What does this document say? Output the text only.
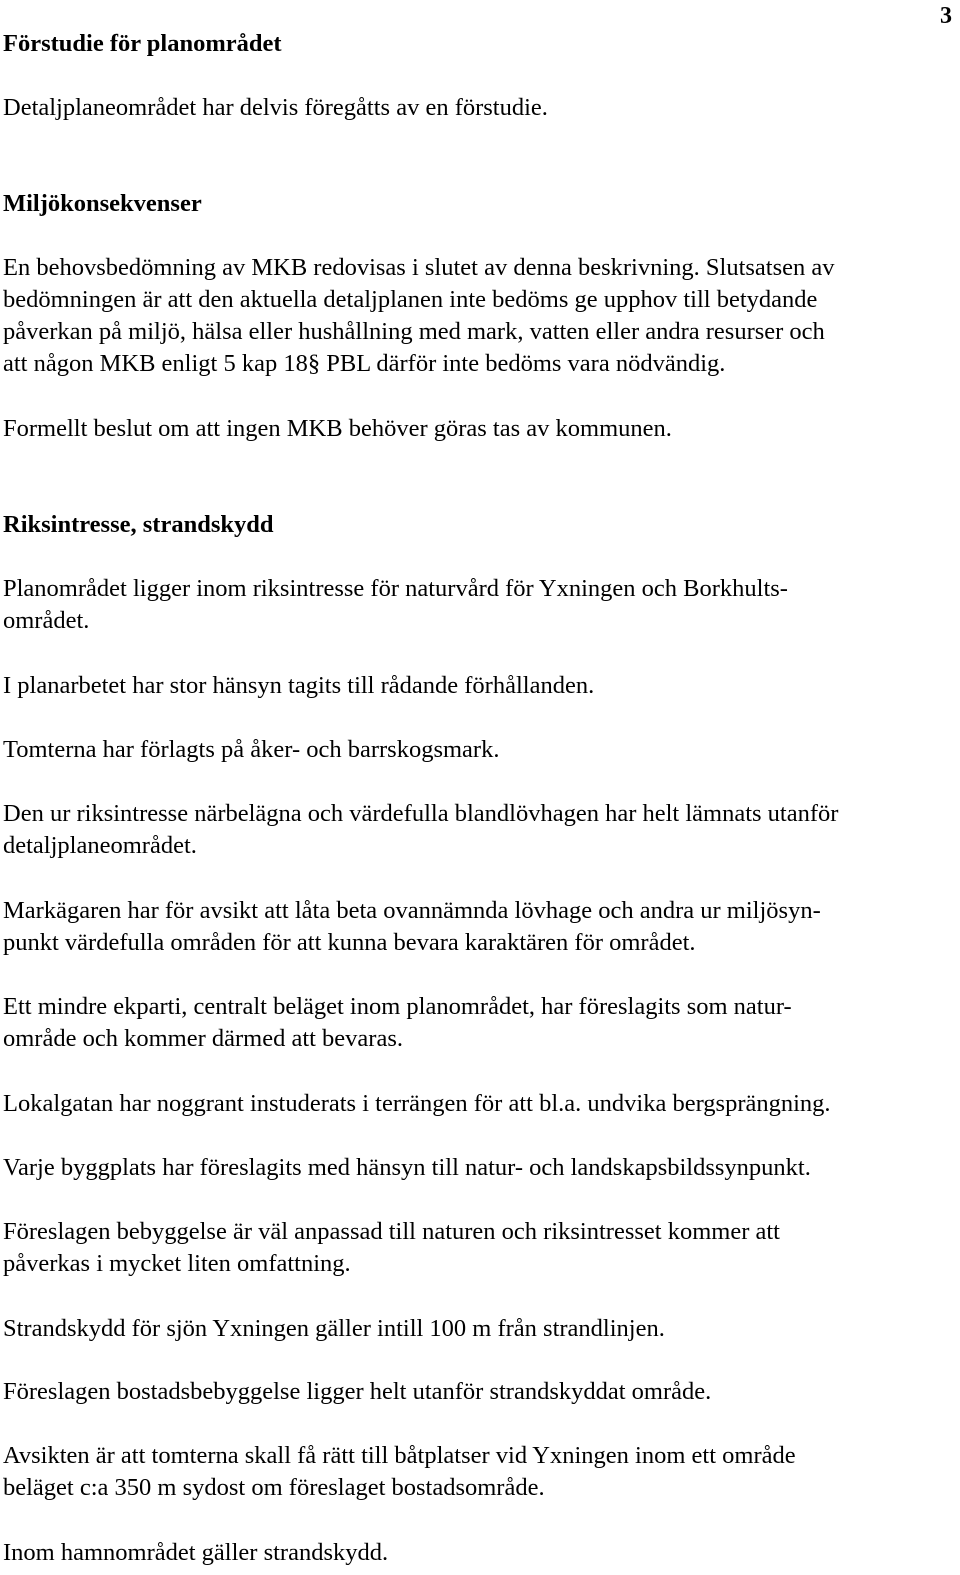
3

Förstudie för planområdet

Detaljplaneområdet har delvis föregåtts av en förstudie.

Miljökonsekvenser

En behovsbedömning av MKB redovisas i slutet av denna beskrivning. Slutsatsen av
bedömningen är att den aktuella detaljplanen inte bedöms ge upphov till betydande
påverkan på miljö, hälsa eller hushållning med mark, vatten eller andra resurser och
att någon MKB enligt 5 kap 18§ PBL därför inte bedöms vara nödvändig.

Formellt beslut om att ingen MKB behöver göras tas av kommunen.

Riksintresse, strandskydd

Planområdet ligger inom riksintresse för naturvård för Yxningen och Borkhults-
området.

I planarbetet har stor hänsyn tagits till rådande förhållanden.

Tomterna har förlagts på åker- och barrskogsmark.

Den ur riksintresse närbelägna och värdefulla blandlövhagen har helt lämnats utanför
detaljplaneområdet.

Markägaren har för avsikt att låta beta ovannämnda lövhage och andra ur miljösyn-
punkt värdefulla områden för att kunna bevara karaktären för området.

Ett mindre ekparti, centralt beläget inom planområdet, har föreslagits som natur-
område och kommer därmed att bevaras.

Lokalgatan har noggrant instuderats i terrängen för att bl.a. undvika bergsprängning.

Varje byggplats har föreslagits med hänsyn till natur- och landskapsbildssynpunkt.

Föreslagen bebyggelse är väl anpassad till naturen och riksintresset kommer att
påverkas i mycket liten omfattning.

Strandskydd för sjön Yxningen gäller intill 100 m från strandlinjen.

Föreslagen bostadsbebyggelse ligger helt utanför strandskyddat område.

Avsikten är att tomterna skall få rätt till båtplatser vid Yxningen inom ett område
beläget c:a 350 m sydost om föreslaget bostadsområde.

Inom hamnområdet gäller strandskydd.
